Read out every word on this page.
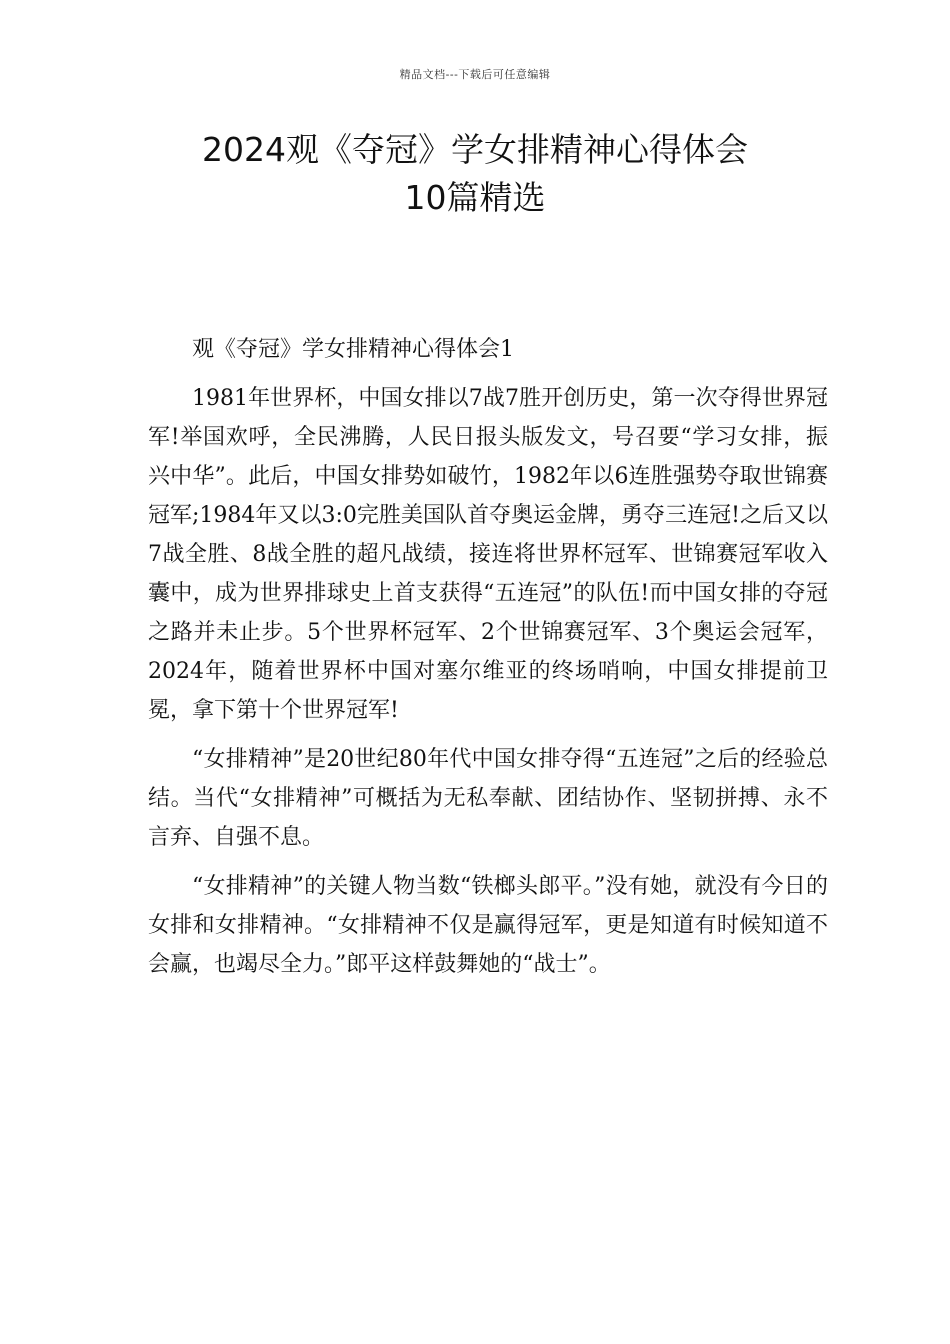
精品文档---下载后可任意编辑
2024观《夺冠》学女排精神心得体会
10篇精选

观《夺冠》学女排精神心得体会1

1981年世界杯，中国女排以7战7胜开创历史，第一次夺得世界冠军!举国欢呼，全民沸腾，人民日报头版发文，号召要“学习女排，振兴中华”。此后，中国女排势如破竹，1982年以6连胜强势夺取世锦赛冠军;1984年又以3:0完胜美国队首夺奥运金牌，勇夺三连冠!之后又以7战全胜、8战全胜的超凡战绩，接连将世界杯冠军、世锦赛冠军收入囊中，成为世界排球史上首支获得“五连冠”的队伍!而中国女排的夺冠之路并未止步。5个世界杯冠军、2个世锦赛冠军、3个奥运会冠军，2024年，随着世界杯中国对塞尔维亚的终场哨响，中国女排提前卫冕，拿下第十个世界冠军!

“女排精神”是20世纪80年代中国女排夺得“五连冠”之后的经验总结。当代“女排精神”可概括为无私奉献、团结协作、坚韧拼搏、永不言弃、自强不息。

“女排精神”的关键人物当数“铁榔头郎平。”没有她，就没有今日的女排和女排精神。“女排精神不仅是赢得冠军，更是知道有时候知道不会赢，也竭尽全力。”郎平这样鼓舞她的“战士”。
